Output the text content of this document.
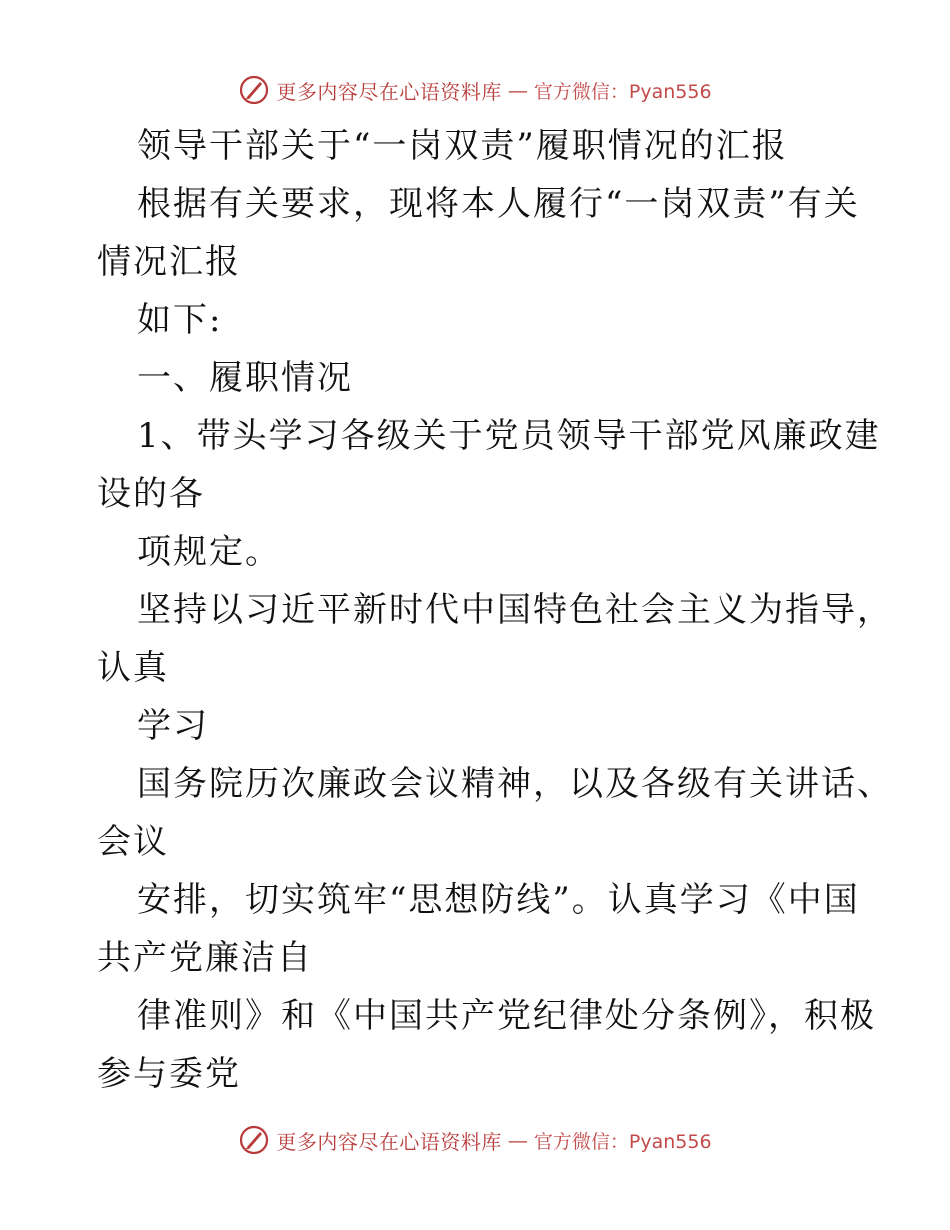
更多内容尽在心语资料库 — 官方微信：Pyan556
领导干部关于“一岗双责”履职情况的汇报
根据有关要求，现将本人履行“一岗双责”有关
情况汇报
如下:
一、履职情况
1、带头学习各级关于党员领导干部党风廉政建
设的各
项规定。
坚持以习近平新时代中国特色社会主义为指导，
认真
学习
国务院历次廉政会议精神，以及各级有关讲话、
会议
安排，切实筑牢“思想防线”。认真学习《中国
共产党廉洁自
律准则》和《中国共产党纪律处分条例》，积极
参与委党
更多内容尽在心语资料库 — 官方微信：Pyan556
